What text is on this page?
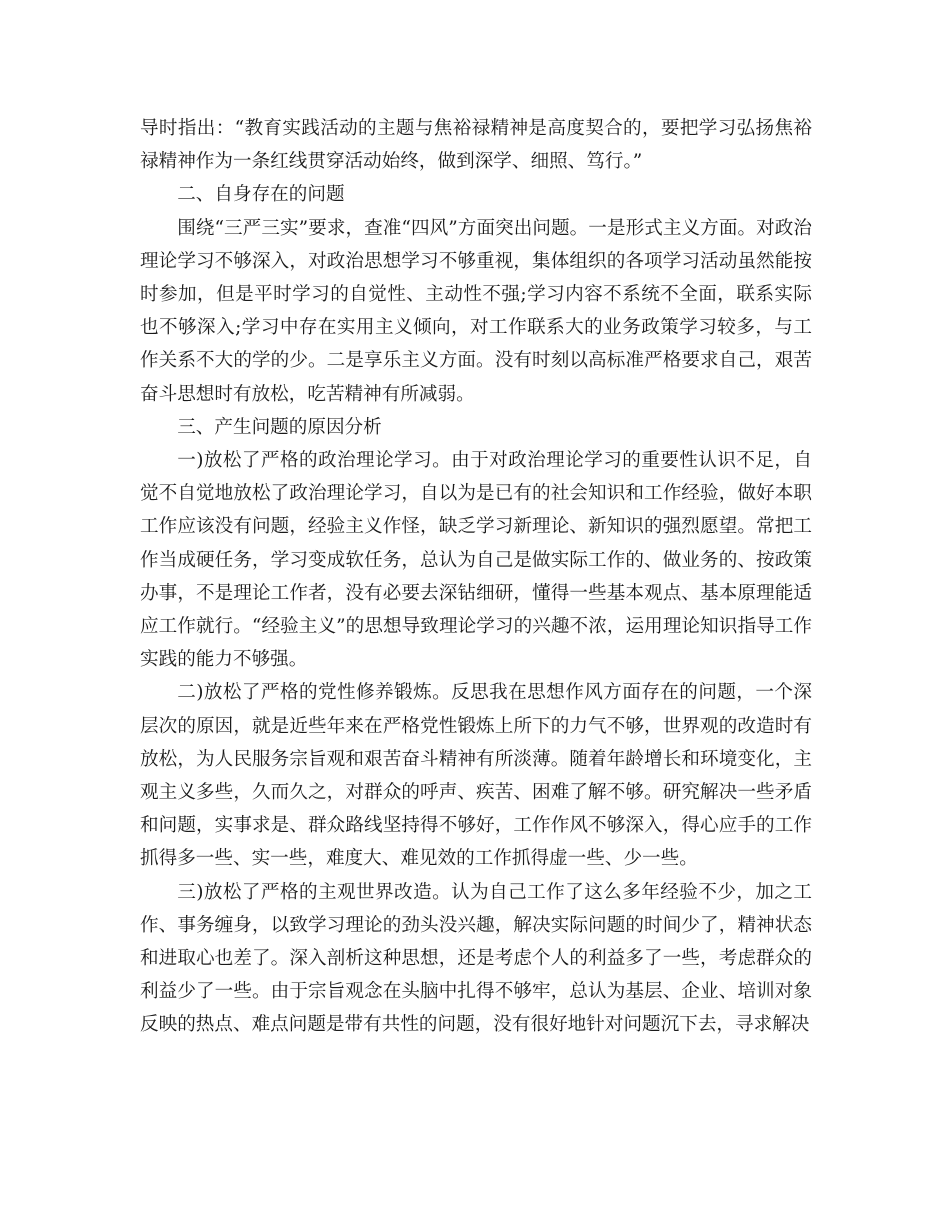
导时指出：“教育实践活动的主题与焦裕禄精神是高度契合的，要把学习弘扬焦裕禄精神作为一条红线贯穿活动始终，做到深学、细照、笃行。”

二、自身存在的问题

围绕“三严三实”要求，查准“四风”方面突出问题。一是形式主义方面。对政治理论学习不够深入，对政治思想学习不够重视，集体组织的各项学习活动虽然能按时参加，但是平时学习的自觉性、主动性不强;学习内容不系统不全面，联系实际也不够深入;学习中存在实用主义倾向，对工作联系大的业务政策学习较多，与工作关系不大的学的少。二是享乐主义方面。没有时刻以高标准严格要求自己，艰苦奋斗思想时有放松，吃苦精神有所减弱。

三、产生问题的原因分析

一)放松了严格的政治理论学习。由于对政治理论学习的重要性认识不足，自觉不自觉地放松了政治理论学习，自以为是已有的社会知识和工作经验，做好本职工作应该没有问题，经验主义作怪，缺乏学习新理论、新知识的强烈愿望。常把工作当成硬任务，学习变成软任务，总认为自己是做实际工作的、做业务的、按政策办事，不是理论工作者，没有必要去深钻细研，懂得一些基本观点、基本原理能适应工作就行。“经验主义”的思想导致理论学习的兴趣不浓，运用理论知识指导工作实践的能力不够强。

二)放松了严格的党性修养锻炼。反思我在思想作风方面存在的问题，一个深层次的原因，就是近些年来在严格党性锻炼上所下的力气不够，世界观的改造时有放松，为人民服务宗旨观和艰苦奋斗精神有所淡薄。随着年龄增长和环境变化，主观主义多些，久而久之，对群众的呼声、疾苦、困难了解不够。研究解决一些矛盾和问题，实事求是、群众路线坚持得不够好，工作作风不够深入，得心应手的工作抓得多一些、实一些，难度大、难见效的工作抓得虚一些、少一些。

三)放松了严格的主观世界改造。认为自己工作了这么多年经验不少，加之工作、事务缠身，以致学习理论的劲头没兴趣，解决实际问题的时间少了，精神状态和进取心也差了。深入剖析这种思想，还是考虑个人的利益多了一些，考虑群众的利益少了一些。由于宗旨观念在头脑中扎得不够牢，总认为基层、企业、培训对象反映的热点、难点问题是带有共性的问题，没有很好地针对问题沉下去，寻求解决
